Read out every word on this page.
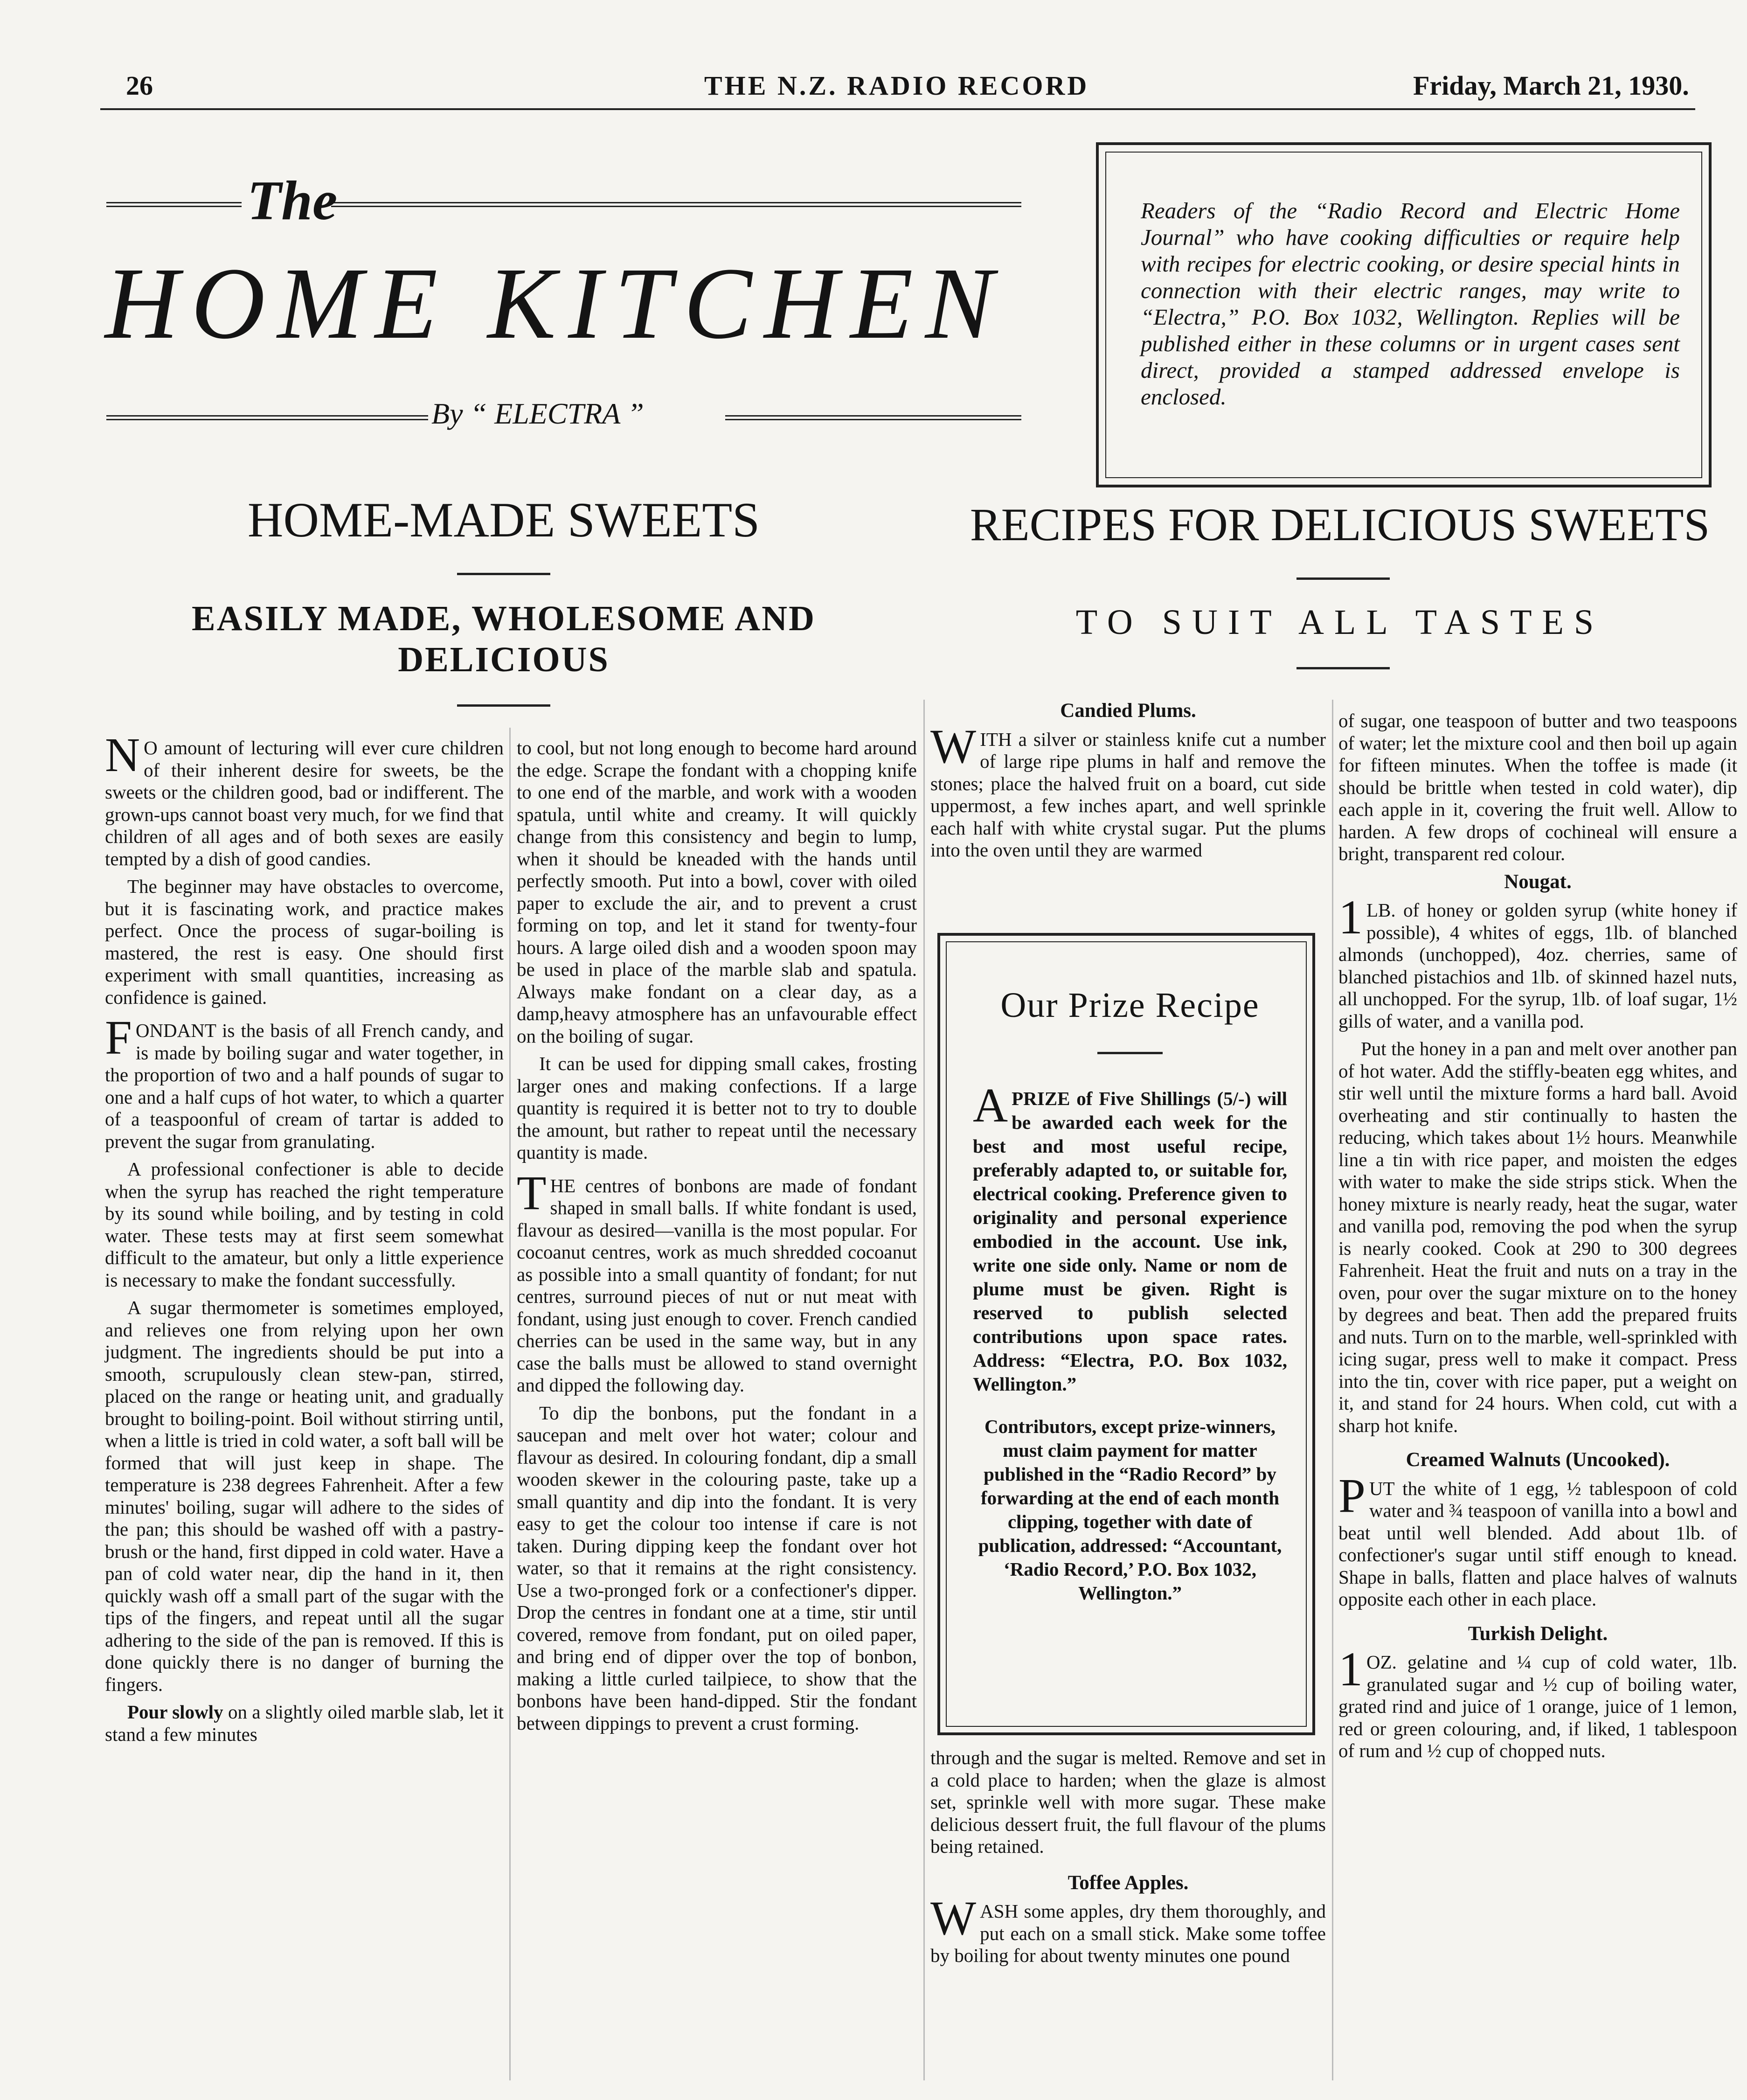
26	THE N.Z. RADIO RECORD	Friday, March 21, 1930.
The
HOME KITCHEN
By “ ELECTRA ”

Readers of the “Radio Record and Electric Home Journal” who have cooking difficulties or require help with recipes for electric cooking, or desire special hints in connection with their electric ranges, may write to “Electra,” P.O. Box 1032, Wellington. Replies will be published either in these columns or in urgent cases sent direct, provided a stamped addressed envelope is enclosed.

HOME-MADE SWEETS
EASILY MADE, WHOLESOME AND DELICIOUS
RECIPES FOR DELICIOUS SWEETS
TO SUIT ALL TASTES

N O amount of lecturing will ever cure children of their inherent desire for sweets, be the sweets or the children good, bad or indifferent. The grown-ups cannot boast very much, for we find that children of all ages and of both sexes are easily tempted by a dish of good candies.

The beginner may have obstacles to overcome, but it is fascinating work, and practice makes perfect. Once the process of sugar-boiling is mastered, the rest is easy. One should first experiment with small quantities, increasing as confidence is gained.

FONDANT is the basis of all French candy, and is made by boiling sugar and water together, in the proportion of two and a half pounds of sugar to one and a half cups of hot water, to which a quarter of a teaspoonful of cream of tartar is added to prevent the sugar from granulating.

A professional confectioner is able to decide when the syrup has reached the right temperature by its sound while boiling, and by testing in cold water. These tests may at first seem somewhat difficult to the amateur, but only a little experience is necessary to make the fondant successfully.

A sugar thermometer is sometimes employed, and relieves one from relying upon her own judgment. The ingredients should be put into a smooth, scrupulously clean stew-pan, stirred, placed on the range or heating unit, and gradually brought to boiling-point. Boil without stirring until, when a little is tried in cold water, a soft ball will be formed that will just keep in shape. The temperature is 238 degrees Fahrenheit. After a few minutes' boiling, sugar will adhere to the sides of the pan; this should be washed off with a pastry-brush or the hand, first dipped in cold water. Have a pan of cold water near, dip the hand in it, then quickly wash off a small part of the sugar with the tips of the fingers, and repeat until all the sugar adhering to the side of the pan is removed. If this is done quickly there is no danger of burning the fingers.

Pour slowly on a slightly oiled marble slab, let it stand a few minutes

to cool, but not long enough to become hard around the edge. Scrape the fondant with a chopping knife to one end of the marble, and work with a wooden spatula, until white and creamy. It will quickly change from this consistency and begin to lump, when it should be kneaded with the hands until perfectly smooth. Put into a bowl, cover with oiled paper to exclude the air, and to prevent a crust forming on top, and let it stand for twenty-four hours. A large oiled dish and a wooden spoon may be used in place of the marble slab and spatula. Always make fondant on a clear day, as a damp,heavy atmosphere has an unfavourable effect on the boiling of sugar.

It can be used for dipping small cakes, frosting larger ones and making confections. If a large quantity is required it is better not to try to double the amount, but rather to repeat until the necessary quantity is made.

THE centres of bonbons are made of fondant shaped in small balls. If white fondant is used, flavour as desired—vanilla is the most popular. For cocoanut centres, work as much shredded cocoanut as possible into a small quantity of fondant; for nut centres, surround pieces of nut or nut meat with fondant, using just enough to cover. French candied cherries can be used in the same way, but in any case the balls must be allowed to stand overnight and dipped the following day.

To dip the bonbons, put the fondant in a saucepan and melt over hot water; colour and flavour as desired. In colouring fondant, dip a small wooden skewer in the colouring paste, take up a small quantity and dip into the fondant. It is very easy to get the colour too intense if care is not taken. During dipping keep the fondant over hot water, so that it remains at the right consistency. Use a two-pronged fork or a confectioner's dipper. Drop the centres in fondant one at a time, stir until covered, remove from fondant, put on oiled paper, and bring end of dipper over the top of bonbon, making a little curled tailpiece, to show that the bonbons have been hand-dipped. Stir the fondant between dippings to prevent a crust forming.

Candied Plums.

WITH a silver or stainless knife cut a number of large ripe plums in half and remove the stones; place the halved fruit on a board, cut side uppermost, a few inches apart, and well sprinkle each half with white crystal sugar. Put the plums into the oven until they are warmed

Our Prize Recipe

APRIZE of Five Shillings (5/-) will be awarded each week for the best and most useful recipe, preferably adapted to, or suitable for, electrical cooking. Preference given to originality and personal experience embodied in the account. Use ink, write one side only. Name or nom de plume must be given. Right is reserved to publish selected contributions upon space rates. Address: “Electra, P.O. Box 1032, Wellington.”

Contributors, except prize-winners, must claim payment for matter published in the “Radio Record” by forwarding at the end of each month clipping, together with date of publication, addressed: “Accountant, ‘Radio Record,’ P.O. Box 1032, Wellington.”

through and the sugar is melted. Remove and set in a cold place to harden; when the glaze is almost set, sprinkle well with more sugar. These make delicious dessert fruit, the full flavour of the plums being retained.

Toffee Apples.

WASH some apples, dry them thoroughly, and put each on a small stick. Make some toffee by boiling for about twenty minutes one pound

of sugar, one teaspoon of butter and two teaspoons of water; let the mixture cool and then boil up again for fifteen minutes. When the toffee is made (it should be brittle when tested in cold water), dip each apple in it, covering the fruit well. Allow to harden. A few drops of cochineal will ensure a bright, transparent red colour.

Nougat.

1 LB. of honey or golden syrup (white honey if possible), 4 whites of eggs, 1lb. of blanched almonds (unchopped), 4oz. cherries, same of blanched pistachios and 1lb. of skinned hazel nuts, all unchopped. For the syrup, 1lb. of loaf sugar, 1½ gills of water, and a vanilla pod.

Put the honey in a pan and melt over another pan of hot water. Add the stiffly-beaten egg whites, and stir well until the mixture forms a hard ball. Avoid overheating and stir continually to hasten the reducing, which takes about 1½ hours. Meanwhile line a tin with rice paper, and moisten the edges with water to make the side strips stick. When the honey mixture is nearly ready, heat the sugar, water and vanilla pod, removing the pod when the syrup is nearly cooked. Cook at 290 to 300 degrees Fahrenheit. Heat the fruit and nuts on a tray in the oven, pour over the sugar mixture on to the honey by degrees and beat. Then add the prepared fruits and nuts. Turn on to the marble, well-sprinkled with icing sugar, press well to make it compact. Press into the tin, cover with rice paper, put a weight on it, and stand for 24 hours. When cold, cut with a sharp hot knife.

Creamed Walnuts (Uncooked).

PUT the white of 1 egg, ½ tablespoon of cold water and ¾ teaspoon of vanilla into a bowl and beat until well blended. Add about 1lb. of confectioner's sugar until stiff enough to knead. Shape in balls, flatten and place halves of walnuts opposite each other in each place.

Turkish Delight.

1 OZ. gelatine and ¼ cup of cold water, 1lb. granulated sugar and ½ cup of boiling water, grated rind and juice of 1 orange, juice of 1 lemon, red or green colouring, and, if liked, 1 tablespoon of rum and ½ cup of chopped nuts.
